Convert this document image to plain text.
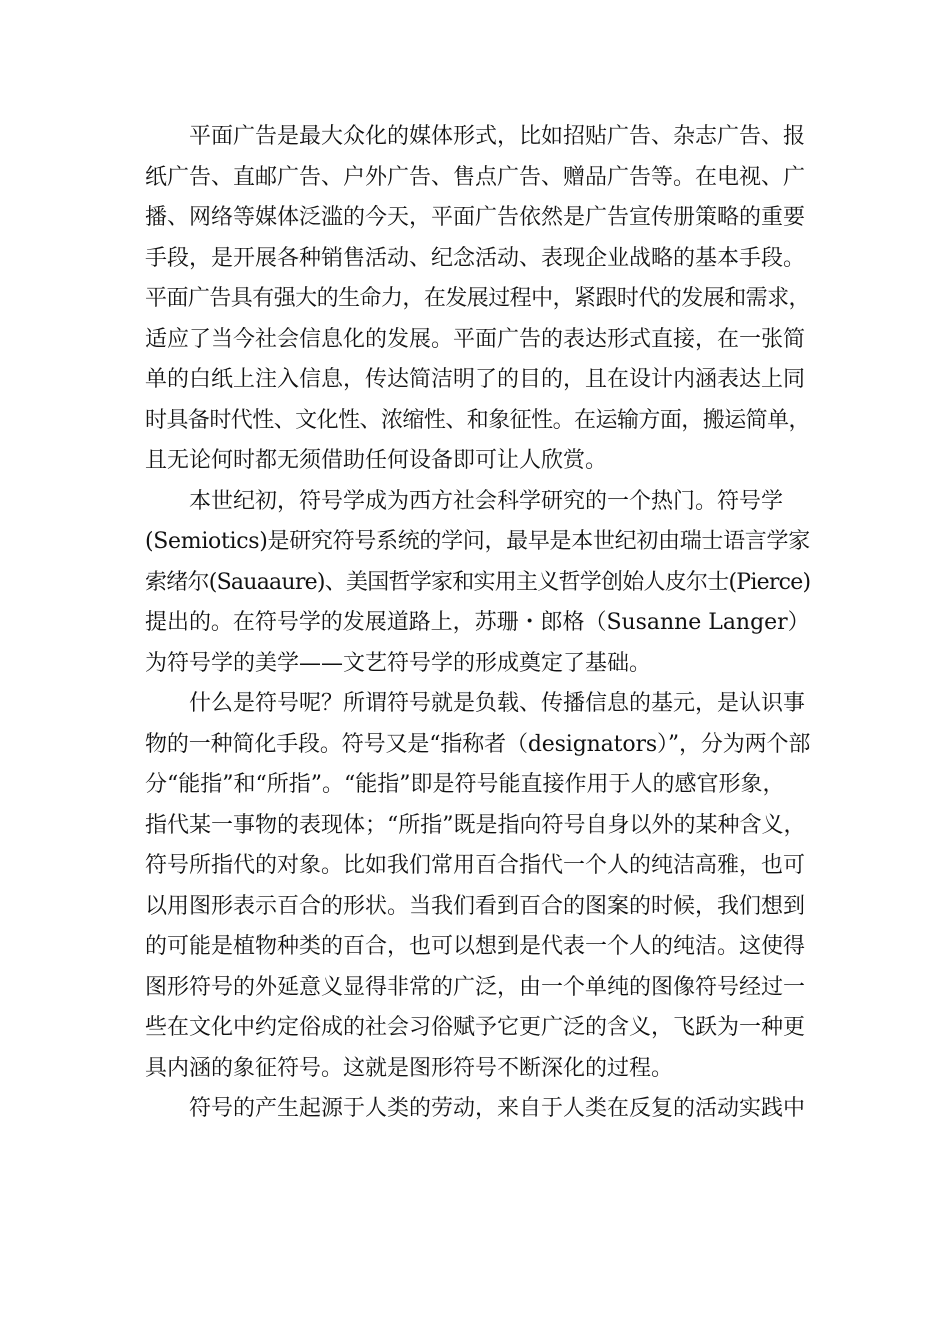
平面广告是最大众化的媒体形式，比如招贴广告、杂志广告、报
纸广告、直邮广告、户外广告、售点广告、赠品广告等。在电视、广
播、网络等媒体泛滥的今天，平面广告依然是广告宣传册策略的重要
手段，是开展各种销售活动、纪念活动、表现企业战略的基本手段。
平面广告具有强大的生命力，在发展过程中，紧跟时代的发展和需求，
适应了当今社会信息化的发展。平面广告的表达形式直接，在一张简
单的白纸上注入信息，传达简洁明了的目的，且在设计内涵表达上同
时具备时代性、文化性、浓缩性、和象征性。在运输方面，搬运简单，
且无论何时都无须借助任何设备即可让人欣赏。

本世纪初，符号学成为西方社会科学研究的一个热门。符号学
(Semiotics)是研究符号系统的学问，最早是本世纪初由瑞士语言学家
索绪尔(Sauaaure)、美国哲学家和实用主义哲学创始人皮尔士(Pierce)
提出的。在符号学的发展道路上，苏珊・郎格（Susanne Langer）
为符号学的美学——文艺符号学的形成奠定了基础。

什么是符号呢？所谓符号就是负载、传播信息的基元，是认识事
物的一种简化手段。符号又是“指称者（designators）”，分为两个部
分“能指”和“所指”。“能指”即是符号能直接作用于人的感官形象，
指代某一事物的表现体；“所指”既是指向符号自身以外的某种含义，
符号所指代的对象。比如我们常用百合指代一个人的纯洁高雅，也可
以用图形表示百合的形状。当我们看到百合的图案的时候，我们想到
的可能是植物种类的百合，也可以想到是代表一个人的纯洁。这使得
图形符号的外延意义显得非常的广泛，由一个单纯的图像符号经过一
些在文化中约定俗成的社会习俗赋予它更广泛的含义，飞跃为一种更
具内涵的象征符号。这就是图形符号不断深化的过程。

符号的产生起源于人类的劳动，来自于人类在反复的活动实践中
